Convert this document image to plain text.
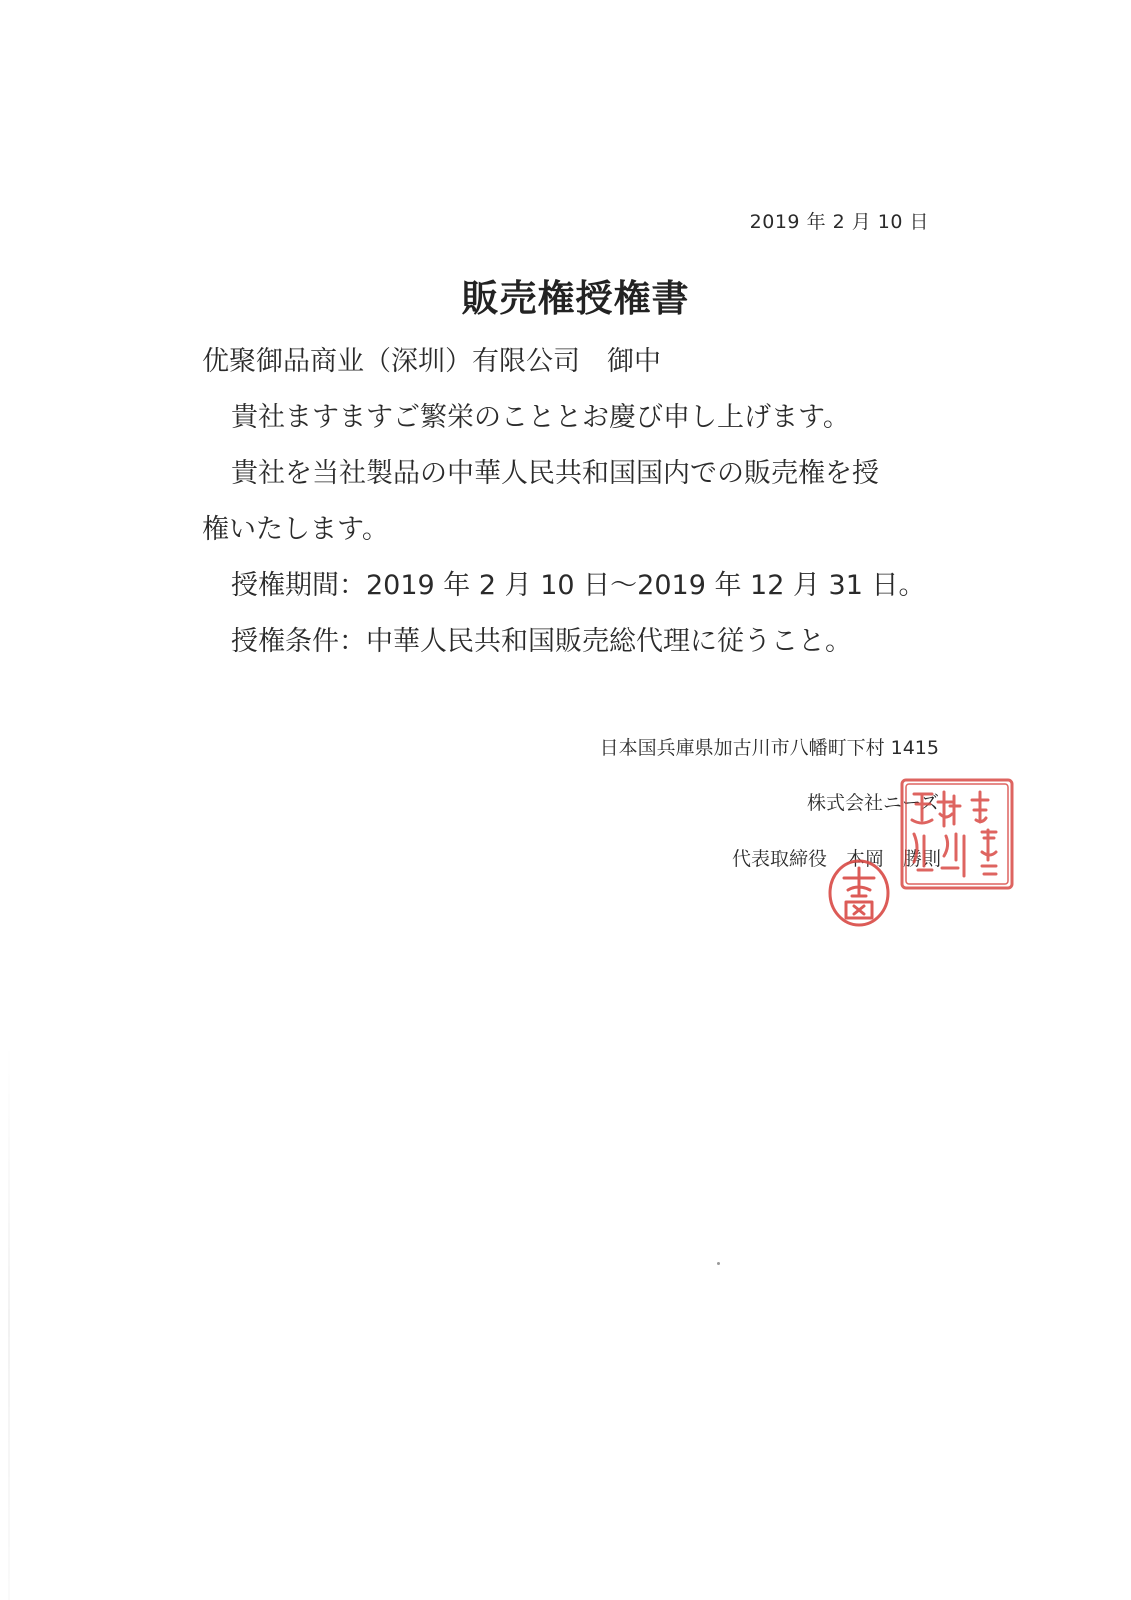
2019 年 2 月 10 日
販売権授権書
优聚御品商业（深圳）有限公司　御中
貴社ますますご繁栄のこととお慶び申し上げます。
貴社を当社製品の中華人民共和国国内での販売権を授
権いたします。
授権期間：2019 年 2 月 10 日～2019 年 12 月 31 日。
授権条件：中華人民共和国販売総代理に従うこと。
日本国兵庫県加古川市八幡町下村 1415
株式会社ニーズ
代表取締役　本岡　勝則
